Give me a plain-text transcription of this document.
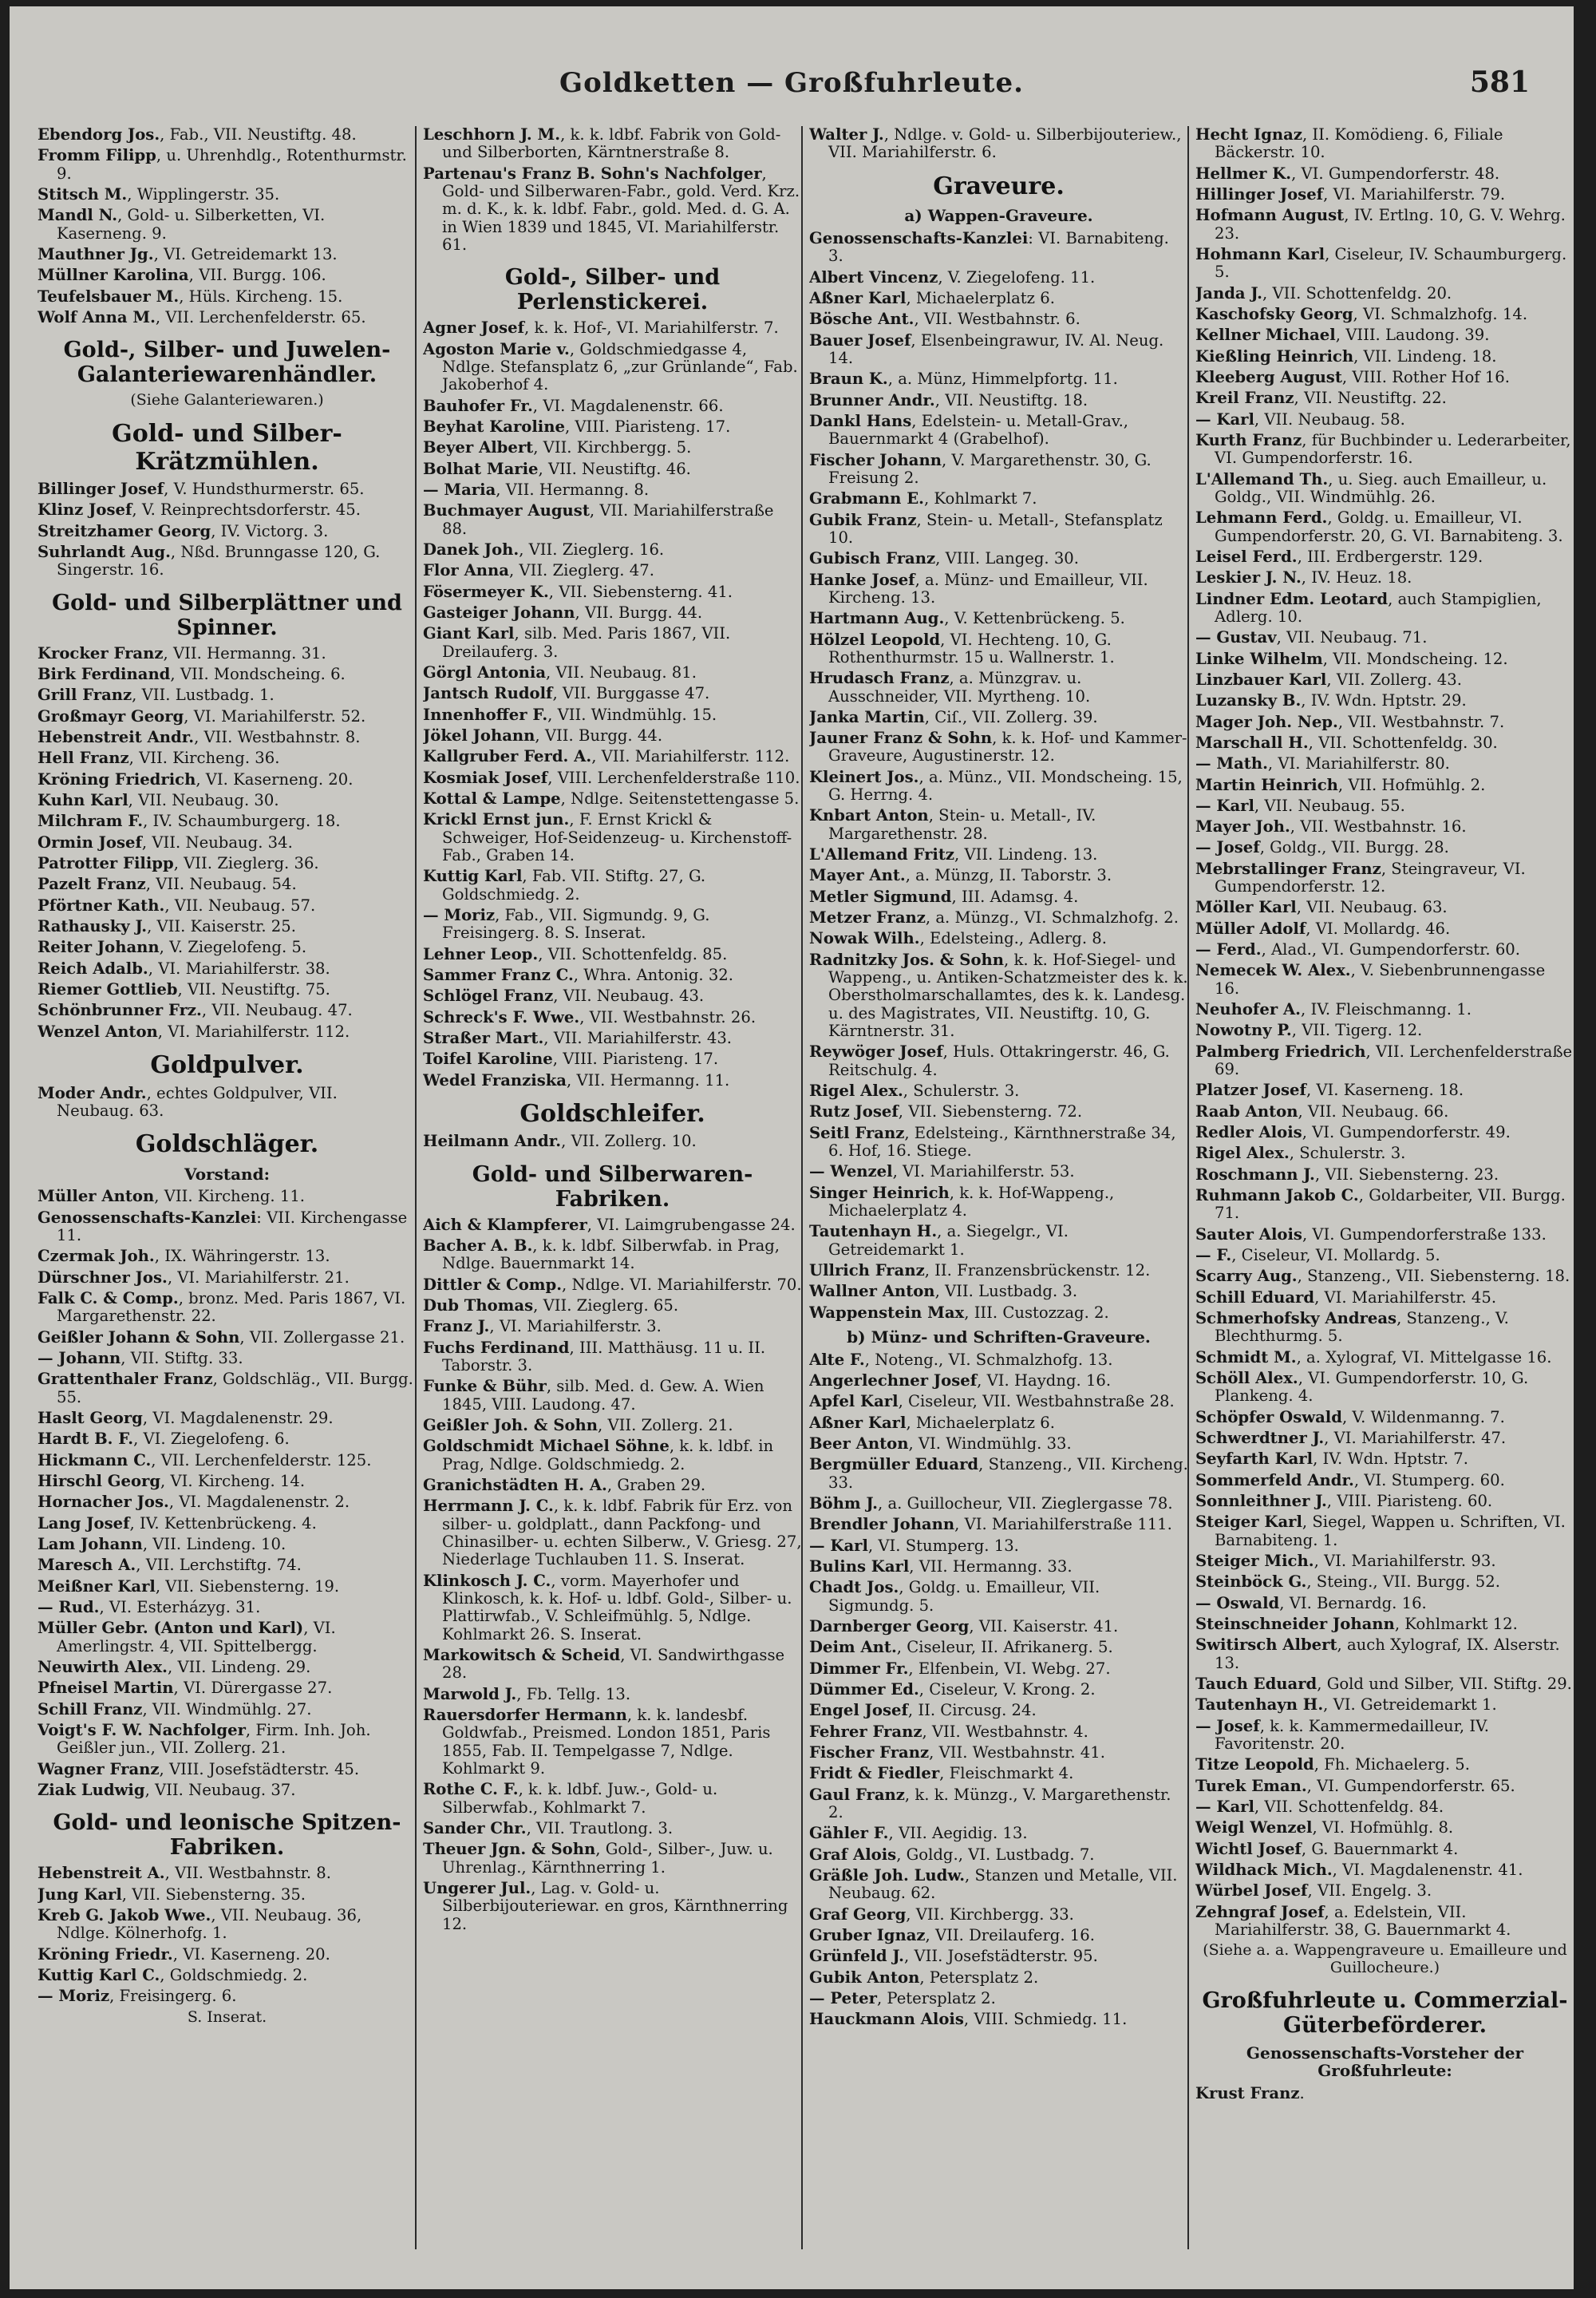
Goldketten — Großfuhrleute.	581
Ebendorg Jos., Fab., VII. Neustiftg. 48.
Fromm Filipp, u. Uhrenhdlg., Rotenthurmstr. 9.
Stitsch M., Wipplingerstr. 35.
Mandl N., Gold- u. Silberketten, VI. Kaserneng. 9.
Mauthner Jg., VI. Getreidemarkt 13.
Müllner Karolina, VII. Burgg. 106.
Teufelsbauer M., Hüls. Kircheng. 15.
Wolf Anna M., VII. Lerchenfelderstr. 65.
Gold-, Silber- und Juwelen-Galanteriewarenhändler.
(Siehe Galanteriewaren.)
Gold- und Silber-Krätzmühlen.
Billinger Josef, V. Hundsthurmerstr. 65.
Klinz Josef, V. Reinprechtsdorferstr. 45.
Streitzhamer Georg, IV. Victorg. 3.
Suhrlandt Aug., Nßd. Brunngasse 120, G. Singerstr. 16.
Gold- und Silberplättner und Spinner.
Krocker Franz, VII. Hermanng. 31.
Birk Ferdinand, VII. Mondscheing. 6.
Grill Franz, VII. Lustbadg. 1.
Großmayr Georg, VI. Mariahilferstr. 52.
Hebenstreit Andr., VII. Westbahnstr. 8.
Hell Franz, VII. Kircheng. 36.
Kröning Friedrich, VI. Kaserneng. 20.
Kuhn Karl, VII. Neubaug. 30.
Milchram F., IV. Schaumburgerg. 18.
Ormin Josef, VII. Neubaug. 34.
Patrotter Filipp, VII. Zieglerg. 36.
Pazelt Franz, VII. Neubaug. 54.
Pförtner Kath., VII. Neubaug. 57.
Rathausky J., VII. Kaiserstr. 25.
Reiter Johann, V. Ziegelofeng. 5.
Reich Adalb., VI. Mariahilferstr. 38.
Riemer Gottlieb, VII. Neustiftg. 75.
Schönbrunner Frz., VII. Neubaug. 47.
Wenzel Anton, VI. Mariahilferstr. 112.
Goldpulver.
Moder Andr., echtes Goldpulver, VII. Neubaug. 63.
Goldschläger.
Vorstand:
Müller Anton, VII. Kircheng. 11.
Genossenschafts-Kanzlei: VII. Kirchengasse 11.
Czermak Joh., IX. Währingerstr. 13.
Dürschner Jos., VI. Mariahilferstr. 21.
Falk C. & Comp., bronz. Med. Paris 1867, VI. Margarethenstr. 22.
Geißler Johann & Sohn, VII. Zollergasse 21.
— Johann, VII. Stiftg. 33.
Grattenthaler Franz, Goldschläg., VII. Burgg. 55.
Haslt Georg, VI. Magdalenenstr. 29.
Hardt B. F., VI. Ziegelofeng. 6.
Hickmann C., VII. Lerchenfelderstr. 125.
Hirschl Georg, VI. Kircheng. 14.
Hornacher Jos., VI. Magdalenenstr. 2.
Lang Josef, IV. Kettenbrückeng. 4.
Lam Johann, VII. Lindeng. 10.
Maresch A., VII. Lerchstiftg. 74.
Meißner Karl, VII. Siebensterng. 19.
— Rud., VI. Esterházyg. 31.
Müller Gebr. (Anton und Karl), VI. Amerlingstr. 4, VII. Spittelbergg.
Neuwirth Alex., VII. Lindeng. 29.
Pfneisel Martin, VI. Dürergasse 27.
Schill Franz, VII. Windmühlg. 27.
Voigt's F. W. Nachfolger, Firm. Inh. Joh. Geißler jun., VII. Zollerg. 21.
Wagner Franz, VIII. Josefstädterstr. 45.
Ziak Ludwig, VII. Neubaug. 37.
Gold- und leonische Spitzen-Fabriken.
Hebenstreit A., VII. Westbahnstr. 8.
Jung Karl, VII. Siebensterng. 35.
Kreb G. Jakob Wwe., VII. Neubaug. 36, Ndlge. Kölnerhofg. 1.
Kröning Friedr., VI. Kaserneng. 20.
Kuttig Karl C., Goldschmiedg. 2.
— Moriz, Freisingerg. 6.
S. Inserat.
Leschhorn J. M., k. k. ldbf. Fabrik von Gold- und Silberborten, Kärntnerstraße 8.
Partenau's Franz B. Sohn's Nachfolger, Gold- und Silberwaren-Fabr., gold. Verd. Krz. m. d. K., k. k. ldbf. Fabr., gold. Med. d. G. A. in Wien 1839 und 1845, VI. Mariahilferstr. 61.
Gold-, Silber- und Perlenstickerei.
Agner Josef, k. k. Hof-, VI. Mariahilferstr. 7.
Agoston Marie v., Goldschmiedgasse 4, Ndlge. Stefansplatz 6, „zur Grünlande“, Fab. Jakoberhof 4.
Bauhofer Fr., VI. Magdalenenstr. 66.
Beyhat Karoline, VIII. Piaristeng. 17.
Beyer Albert, VII. Kirchbergg. 5.
Bolhat Marie, VII. Neustiftg. 46.
— Maria, VII. Hermanng. 8.
Buchmayer August, VII. Mariahilferstraße 88.
Danek Joh., VII. Zieglerg. 16.
Flor Anna, VII. Zieglerg. 47.
Fösermeyer K., VII. Siebensterng. 41.
Gasteiger Johann, VII. Burgg. 44.
Giant Karl, silb. Med. Paris 1867, VII. Dreilauferg. 3.
Görgl Antonia, VII. Neubaug. 81.
Jantsch Rudolf, VII. Burggasse 47.
Innenhoffer F., VII. Windmühlg. 15.
Jökel Johann, VII. Burgg. 44.
Kallgruber Ferd. A., VII. Mariahilferstr. 112.
Kosmiak Josef, VIII. Lerchenfelderstraße 110.
Kottal & Lampe, Ndlge. Seitenstettengasse 5.
Krickl Ernst jun., F. Ernst Krickl & Schweiger, Hof-Seidenzeug- u. Kirchenstoff-Fab., Graben 14.
Kuttig Karl, Fab. VII. Stiftg. 27, G. Goldschmiedg. 2.
— Moriz, Fab., VII. Sigmundg. 9, G. Freisingerg. 8. S. Inserat.
Lehner Leop., VII. Schottenfeldg. 85.
Sammer Franz C., Whra. Antonig. 32.
Schlögel Franz, VII. Neubaug. 43.
Schreck's F. Wwe., VII. Westbahnstr. 26.
Straßer Mart., VII. Mariahilferstr. 43.
Toifel Karoline, VIII. Piaristeng. 17.
Wedel Franziska, VII. Hermanng. 11.
Goldschleifer.
Heilmann Andr., VII. Zollerg. 10.
Gold- und Silberwaren-Fabriken.
Aich & Klampferer, VI. Laimgrubengasse 24.
Bacher A. B., k. k. ldbf. Silberwfab. in Prag, Ndlge. Bauernmarkt 14.
Dittler & Comp., Ndlge. VI. Mariahilferstr. 70.
Dub Thomas, VII. Zieglerg. 65.
Franz J., VI. Mariahilferstr. 3.
Fuchs Ferdinand, III. Matthäusg. 11 u. II. Taborstr. 3.
Funke & Bühr, silb. Med. d. Gew. A. Wien 1845, VIII. Laudong. 47.
Geißler Joh. & Sohn, VII. Zollerg. 21.
Goldschmidt Michael Söhne, k. k. ldbf. in Prag, Ndlge. Goldschmiedg. 2.
Granichstädten H. A., Graben 29.
Herrmann J. C., k. k. ldbf. Fabrik für Erz. von silber- u. goldplatt., dann Packfong- und Chinasilber- u. echten Silberw., V. Griesg. 27, Niederlage Tuchlauben 11. S. Inserat.
Klinkosch J. C., vorm. Mayerhofer und Klinkosch, k. k. Hof- u. ldbf. Gold-, Silber- u. Plattirwfab., V. Schleifmühlg. 5, Ndlge. Kohlmarkt 26. S. Inserat.
Markowitsch & Scheid, VI. Sandwirthgasse 28.
Marwold J., Fb. Tellg. 13.
Rauersdorfer Hermann, k. k. landesbf. Goldwfab., Preismed. London 1851, Paris 1855, Fab. II. Tempelgasse 7, Ndlge. Kohlmarkt 9.
Rothe C. F., k. k. ldbf. Juw.-, Gold- u. Silberwfab., Kohlmarkt 7.
Sander Chr., VII. Trautlong. 3.
Theuer Jgn. & Sohn, Gold-, Silber-, Juw. u. Uhrenlag., Kärnthnerring 1.
Ungerer Jul., Lag. v. Gold- u. Silberbijouteriewar. en gros, Kärnthnerring 12.
Walter J., Ndlge. v. Gold- u. Silberbijouteriew., VII. Mariahilferstr. 6.
Graveure.
a) Wappen-Graveure.
Genossenschafts-Kanzlei: VI. Barnabiteng. 3.
Albert Vincenz, V. Ziegelofeng. 11.
Aßner Karl, Michaelerplatz 6.
Bösche Ant., VII. Westbahnstr. 6.
Bauer Josef, Elsenbeingrawur, IV. Al. Neug. 14.
Braun K., a. Münz, Himmelpfortg. 11.
Brunner Andr., VII. Neustiftg. 18.
Dankl Hans, Edelstein- u. Metall-Grav., Bauernmarkt 4 (Grabelhof).
Fischer Johann, V. Margarethenstr. 30, G. Freisung 2.
Grabmann E., Kohlmarkt 7.
Gubik Franz, Stein- u. Metall-, Stefansplatz 10.
Gubisch Franz, VIII. Langeg. 30.
Hanke Josef, a. Münz- und Emailleur, VII. Kircheng. 13.
Hartmann Aug., V. Kettenbrückeng. 5.
Hölzel Leopold, VI. Hechteng. 10, G. Rothenthurmstr. 15 u. Wallnerstr. 1.
Hrudasch Franz, a. Münzgrav. u. Ausschneider, VII. Myrtheng. 10.
Janka Martin, Ciſ., VII. Zollerg. 39.
Jauner Franz & Sohn, k. k. Hof- und Kammer-Graveure, Augustinerstr. 12.
Kleinert Jos., a. Münz., VII. Mondscheing. 15, G. Herrng. 4.
Knbart Anton, Stein- u. Metall-, IV. Margarethenstr. 28.
L'Allemand Fritz, VII. Lindeng. 13.
Mayer Ant., a. Münzg, II. Taborstr. 3.
Metler Sigmund, III. Adamsg. 4.
Metzer Franz, a. Münzg., VI. Schmalzhofg. 2.
Nowak Wilh., Edelsteing., Adlerg. 8.
Radnitzky Jos. & Sohn, k. k. Hof-Siegel- und Wappeng., u. Antiken-Schatzmeister des k. k. Oberstholmarschallamtes, des k. k. Landesg. u. des Magistrates, VII. Neustiftg. 10, G. Kärntnerstr. 31.
Reywöger Josef, Huls. Ottakringerstr. 46, G. Reitschulg. 4.
Rigel Alex., Schulerstr. 3.
Rutz Josef, VII. Siebensterng. 72.
Seitl Franz, Edelsteing., Kärnthnerstraße 34, 6. Hof, 16. Stiege.
— Wenzel, VI. Mariahilferstr. 53.
Singer Heinrich, k. k. Hof-Wappeng., Michaelerplatz 4.
Tautenhayn H., a. Siegelgr., VI. Getreidemarkt 1.
Ullrich Franz, II. Franzensbrückenstr. 12.
Wallner Anton, VII. Lustbadg. 3.
Wappenstein Max, III. Custozzag. 2.
b) Münz- und Schriften-Graveure.
Alte F., Noteng., VI. Schmalzhofg. 13.
Angerlechner Josef, VI. Haydng. 16.
Apfel Karl, Ciseleur, VII. Westbahnstraße 28.
Aßner Karl, Michaelerplatz 6.
Beer Anton, VI. Windmühlg. 33.
Bergmüller Eduard, Stanzeng., VII. Kircheng. 33.
Böhm J., a. Guillocheur, VII. Zieglergasse 78.
Brendler Johann, VI. Mariahilferstraße 111.
— Karl, VI. Stumperg. 13.
Bulins Karl, VII. Hermanng. 33.
Chadt Jos., Goldg. u. Emailleur, VII. Sigmundg. 5.
Darnberger Georg, VII. Kaiserstr. 41.
Deim Ant., Ciseleur, II. Afrikanerg. 5.
Dimmer Fr., Elfenbein, VI. Webg. 27.
Dümmer Ed., Ciseleur, V. Krong. 2.
Engel Josef, II. Circusg. 24.
Fehrer Franz, VII. Westbahnstr. 4.
Fischer Franz, VII. Westbahnstr. 41.
Fridt & Fiedler, Fleischmarkt 4.
Gaul Franz, k. k. Münzg., V. Margarethenstr. 2.
Gähler F., VII. Aegidig. 13.
Graf Alois, Goldg., VI. Lustbadg. 7.
Gräßle Joh. Ludw., Stanzen und Metalle, VII. Neubaug. 62.
Graf Georg, VII. Kirchbergg. 33.
Gruber Ignaz, VII. Dreilauferg. 16.
Grünfeld J., VII. Josefstädterstr. 95.
Gubik Anton, Petersplatz 2.
— Peter, Petersplatz 2.
Hauckmann Alois, VIII. Schmiedg. 11.
Hecht Ignaz, II. Komödieng. 6, Filiale Bäckerstr. 10.
Hellmer K., VI. Gumpendorferstr. 48.
Hillinger Josef, VI. Mariahilferstr. 79.
Hofmann August, IV. Ertlng. 10, G. V. Wehrg. 23.
Hohmann Karl, Ciseleur, IV. Schaumburgerg. 5.
Janda J., VII. Schottenfeldg. 20.
Kaschofsky Georg, VI. Schmalzhofg. 14.
Kellner Michael, VIII. Laudong. 39.
Kießling Heinrich, VII. Lindeng. 18.
Kleeberg August, VIII. Rother Hof 16.
Kreil Franz, VII. Neustiftg. 22.
— Karl, VII. Neubaug. 58.
Kurth Franz, für Buchbinder u. Lederarbeiter, VI. Gumpendorferstr. 16.
L'Allemand Th., u. Sieg. auch Emailleur, u. Goldg., VII. Windmühlg. 26.
Lehmann Ferd., Goldg. u. Emailleur, VI. Gumpendorferstr. 20, G. VI. Barnabiteng. 3.
Leisel Ferd., III. Erdbergerstr. 129.
Leskier J. N., IV. Heuz. 18.
Lindner Edm. Leotard, auch Stampiglien, Adlerg. 10.
— Gustav, VII. Neubaug. 71.
Linke Wilhelm, VII. Mondscheing. 12.
Linzbauer Karl, VII. Zollerg. 43.
Luzansky B., IV. Wdn. Hptstr. 29.
Mager Joh. Nep., VII. Westbahnstr. 7.
Marschall H., VII. Schottenfeldg. 30.
— Math., VI. Mariahilferstr. 80.
Martin Heinrich, VII. Hofmühlg. 2.
— Karl, VII. Neubaug. 55.
Mayer Joh., VII. Westbahnstr. 16.
— Josef, Goldg., VII. Burgg. 28.
Mebrstallinger Franz, Steingraveur, VI. Gumpendorferstr. 12.
Möller Karl, VII. Neubaug. 63.
Müller Adolf, VI. Mollardg. 46.
— Ferd., Alad., VI. Gumpendorferstr. 60.
Nemecek W. Alex., V. Siebenbrunnengasse 16.
Neuhofer A., IV. Fleischmanng. 1.
Nowotny P., VII. Tigerg. 12.
Palmberg Friedrich, VII. Lerchenfelderstraße 69.
Platzer Josef, VI. Kaserneng. 18.
Raab Anton, VII. Neubaug. 66.
Redler Alois, VI. Gumpendorferstr. 49.
Rigel Alex., Schulerstr. 3.
Roschmann J., VII. Siebensterng. 23.
Ruhmann Jakob C., Goldarbeiter, VII. Burgg. 71.
Sauter Alois, VI. Gumpendorferstraße 133.
— F., Ciseleur, VI. Mollardg. 5.
Scarry Aug., Stanzeng., VII. Siebensterng. 18.
Schill Eduard, VI. Mariahilferstr. 45.
Schmerhofsky Andreas, Stanzeng., V. Blechthurmg. 5.
Schmidt M., a. Xylograf, VI. Mittelgasse 16.
Schöll Alex., VI. Gumpendorferstr. 10, G. Plankeng. 4.
Schöpfer Oswald, V. Wildenmanng. 7.
Schwerdtner J., VI. Mariahilferstr. 47.
Seyfarth Karl, IV. Wdn. Hptstr. 7.
Sommerfeld Andr., VI. Stumperg. 60.
Sonnleithner J., VIII. Piaristeng. 60.
Steiger Karl, Siegel, Wappen u. Schriften, VI. Barnabiteng. 1.
Steiger Mich., VI. Mariahilferstr. 93.
Steinböck G., Steing., VII. Burgg. 52.
— Oswald, VI. Bernardg. 16.
Steinschneider Johann, Kohlmarkt 12.
Switirsch Albert, auch Xylograf, IX. Alserstr. 13.
Tauch Eduard, Gold und Silber, VII. Stiftg. 29.
Tautenhayn H., VI. Getreidemarkt 1.
— Josef, k. k. Kammermedailleur, IV. Favoritenstr. 20.
Titze Leopold, Fh. Michaelerg. 5.
Turek Eman., VI. Gumpendorferstr. 65.
— Karl, VII. Schottenfeldg. 84.
Weigl Wenzel, VI. Hofmühlg. 8.
Wichtl Josef, G. Bauernmarkt 4.
Wildhack Mich., VI. Magdalenenstr. 41.
Würbel Josef, VII. Engelg. 3.
Zehngraf Josef, a. Edelstein, VII. Mariahilferstr. 38, G. Bauernmarkt 4.
(Siehe a. a. Wappengraveure u. Emailleure und Guillocheure.)
Großfuhrleute u. Commerzial-Güterbeförderer.
Genossenschafts-Vorsteher der Großfuhrleute:
Krust Franz.
